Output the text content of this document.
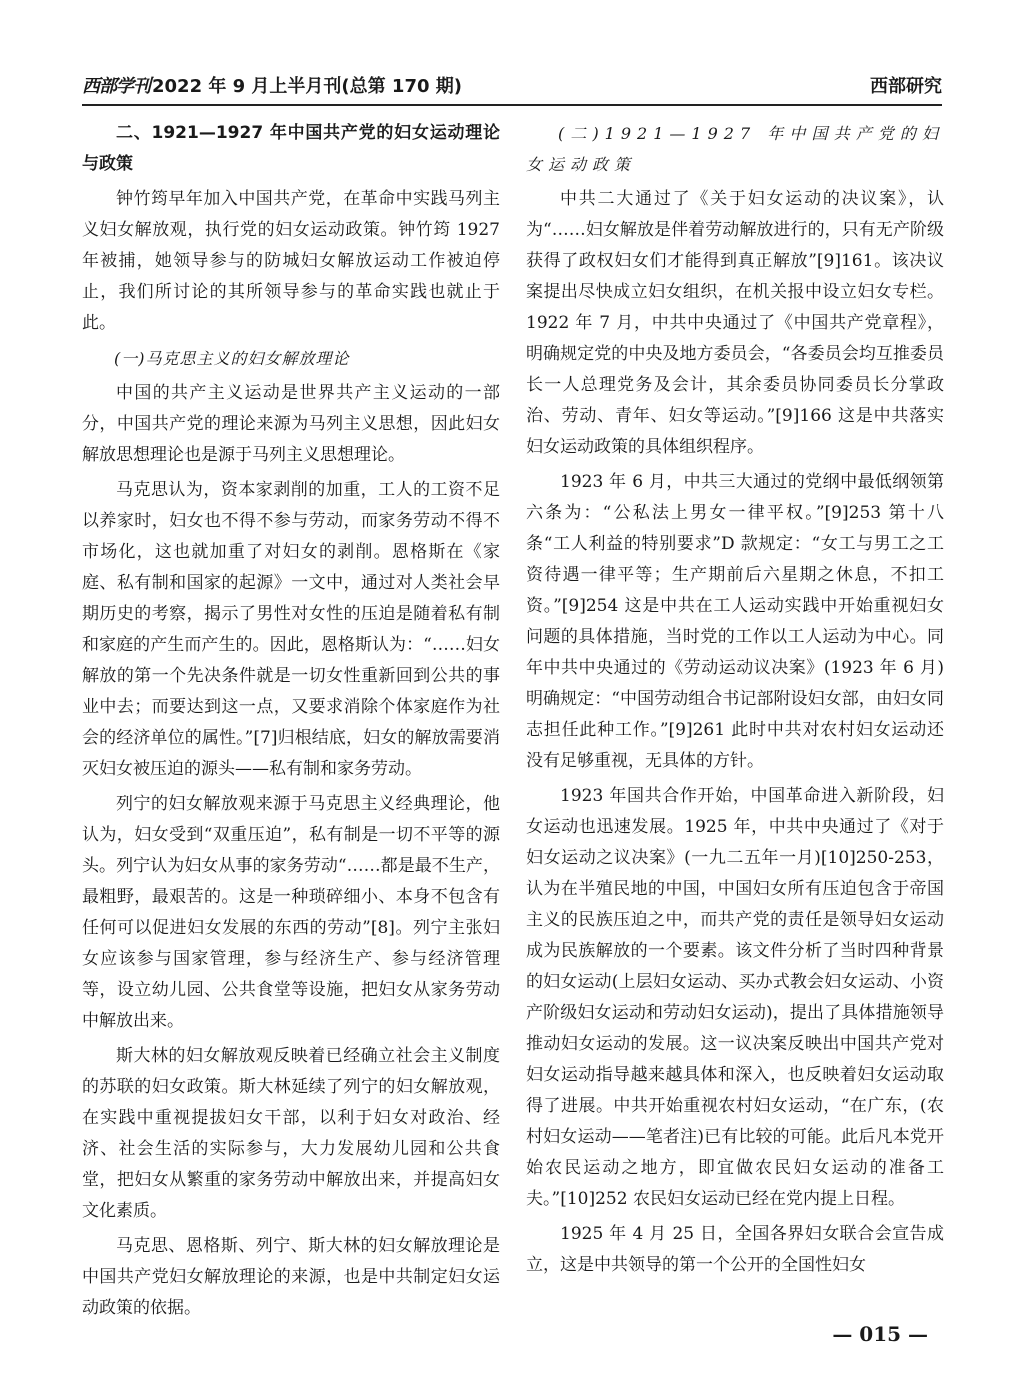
西部学刊 2022 年 9 月上半月刊(总第 170 期)	西部研究

二、1921—1927 年中国共产党的妇女运动理论与政策

钟竹筠早年加入中国共产党，在革命中实践马列主义妇女解放观，执行党的妇女运动政策。钟竹筠 1927 年被捕，她领导参与的防城妇女解放运动工作被迫停止，我们所讨论的其所领导参与的革命实践也就止于此。

(一)马克思主义的妇女解放理论

中国的共产主义运动是世界共产主义运动的一部分，中国共产党的理论来源为马列主义思想，因此妇女解放思想理论也是源于马列主义思想理论。

马克思认为，资本家剥削的加重，工人的工资不足以养家时，妇女也不得不参与劳动，而家务劳动不得不市场化，这也就加重了对妇女的剥削。恩格斯在《家庭、私有制和国家的起源》一文中，通过对人类社会早期历史的考察，揭示了男性对女性的压迫是随着私有制和家庭的产生而产生的。因此，恩格斯认为：“……妇女解放的第一个先决条件就是一切女性重新回到公共的事业中去；而要达到这一点，又要求消除个体家庭作为社会的经济单位的属性。”[7]归根结底，妇女的解放需要消灭妇女被压迫的源头——私有制和家务劳动。

列宁的妇女解放观来源于马克思主义经典理论，他认为，妇女受到“双重压迫”，私有制是一切不平等的源头。列宁认为妇女从事的家务劳动“……都是最不生产，最粗野，最艰苦的。这是一种琐碎细小、本身不包含有任何可以促进妇女发展的东西的劳动”[8]。列宁主张妇女应该参与国家管理，参与经济生产、参与经济管理等，设立幼儿园、公共食堂等设施，把妇女从家务劳动中解放出来。

斯大林的妇女解放观反映着已经确立社会主义制度的苏联的妇女政策。斯大林延续了列宁的妇女解放观，在实践中重视提拔妇女干部，以利于妇女对政治、经济、社会生活的实际参与，大力发展幼儿园和公共食堂，把妇女从繁重的家务劳动中解放出来，并提高妇女文化素质。

马克思、恩格斯、列宁、斯大林的妇女解放理论是中国共产党妇女解放理论的来源，也是中共制定妇女运动政策的依据。

(二)1921—1927 年中国共产党的妇女运动政策

中共二大通过了《关于妇女运动的决议案》，认为“……妇女解放是伴着劳动解放进行的，只有无产阶级获得了政权妇女们才能得到真正解放”[9]161。该决议案提出尽快成立妇女组织，在机关报中设立妇女专栏。1922 年 7 月，中共中央通过了《中国共产党章程》，明确规定党的中央及地方委员会，“各委员会均互推委员长一人总理党务及会计，其余委员协同委员长分掌政治、劳动、青年、妇女等运动。”[9]166 这是中共落实妇女运动政策的具体组织程序。

1923 年 6 月，中共三大通过的党纲中最低纲领第六条为：“公私法上男女一律平权。”[9]253 第十八条“工人利益的特别要求”D 款规定：“女工与男工之工资待遇一律平等；生产期前后六星期之休息，不扣工资。”[9]254 这是中共在工人运动实践中开始重视妇女问题的具体措施，当时党的工作以工人运动为中心。同年中共中央通过的《劳动运动议决案》(1923 年 6 月)明确规定：“中国劳动组合书记部附设妇女部，由妇女同志担任此种工作。”[9]261 此时中共对农村妇女运动还没有足够重视，无具体的方针。

1923 年国共合作开始，中国革命进入新阶段，妇女运动也迅速发展。1925 年，中共中央通过了《对于妇女运动之议决案》(一九二五年一月)[10]250-253，认为在半殖民地的中国，中国妇女所有压迫包含于帝国主义的民族压迫之中，而共产党的责任是领导妇女运动成为民族解放的一个要素。该文件分析了当时四种背景的妇女运动(上层妇女运动、买办式教会妇女运动、小资产阶级妇女运动和劳动妇女运动)，提出了具体措施领导推动妇女运动的发展。这一议决案反映出中国共产党对妇女运动指导越来越具体和深入，也反映着妇女运动取得了进展。中共开始重视农村妇女运动，“在广东，(农村妇女运动——笔者注)已有比较的可能。此后凡本党开始农民运动之地方，即宜做农民妇女运动的准备工夫。”[10]252 农民妇女运动已经在党内提上日程。

1925 年 4 月 25 日，全国各界妇女联合会宣告成立，这是中共领导的第一个公开的全国性妇女

— 015 —
